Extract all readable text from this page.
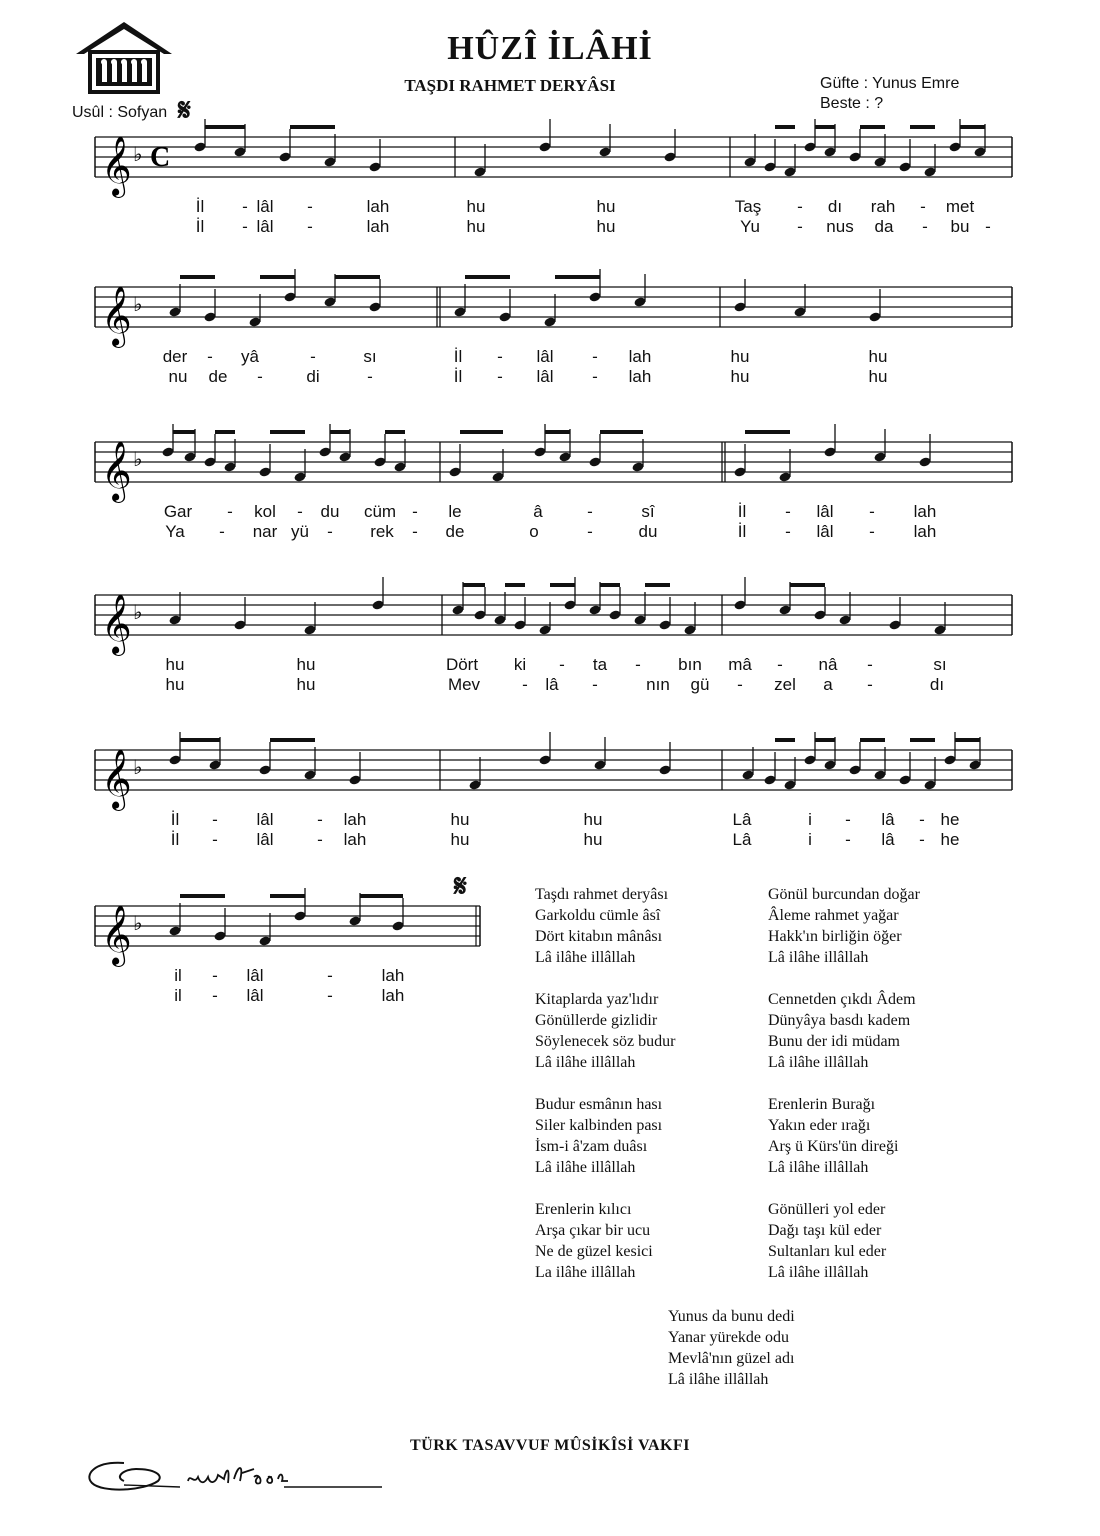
HÛZÎ İLÂHİ
TAŞDI RAHMET DERYÂSI	Güfte : Yunus Emre
Beste : ?
Usûl : Sofyan 𝄋
𝄋
𝄞 ♭ C
𝄞 ♭
𝄞 ♭
𝄞 ♭
𝄞 ♭
𝄞 ♭
Taşdı rahmet deryâsı
Garkoldu cümle âsî
Dört kitabın mânâsı
Lâ ilâhe illâllah
Kitaplarda yaz'lıdır
Gönüllerde gizlidir
Söylenecek söz budur
Lâ ilâhe illâllah
Budur esmânın hası
Siler kalbinden pası
İsm-i â'zam duâsı
Lâ ilâhe illâllah
Erenlerin kılıcı
Arşa çıkar bir ucu
Ne de güzel kesici
La ilâhe illâllah
Gönül burcundan doğar
Âleme rahmet yağar
Hakk'ın birliğin öğer
Lâ ilâhe illâllah
Cennetden çıkdı Âdem
Dünyâya basdı kadem
Bunu der idi müdam
Lâ ilâhe illâllah
Erenlerin Burağı
Yakın eder ırağı
Arş ü Kürs'ün direği
Lâ ilâhe illâllah
Gönülleri yol eder
Dağı taşı kül eder
Sultanları kul eder
Lâ ilâhe illâllah
Yunus da bunu dedi
Yanar yürekde odu
Mevlâ'nın güzel adı
Lâ ilâhe illâllah
TÜRK TASAVVUF MÛSİKÎSİ VAKFI
İl - lâl -	lah	hu	hu	Taş - dı rah - met
İl - lâl -	lah	hu	hu	Yu - nus da - bu -
der - yâ	-	sı	İl - lâl - lah	hu	hu
nu de -	di	-	İl - lâl - lah	hu	hu
Gar - kol - du cüm - le	â	-	sî	İl - lâl - lah
Ya - nar yü - rek - de	o	-	du	İl - lâl - lah
hu	hu	Dört ki - ta - bın mâ - nâ -	sı
hu	hu	Mev - lâ -	nın gü - zel a -	dı
İl - lâl	- lah	hu	hu	Lâ	i - lâ - he
İl - lâl	- lah	hu	hu	Lâ	i - lâ - he
il - lâl	-	lah
il - lâl	-	lah
